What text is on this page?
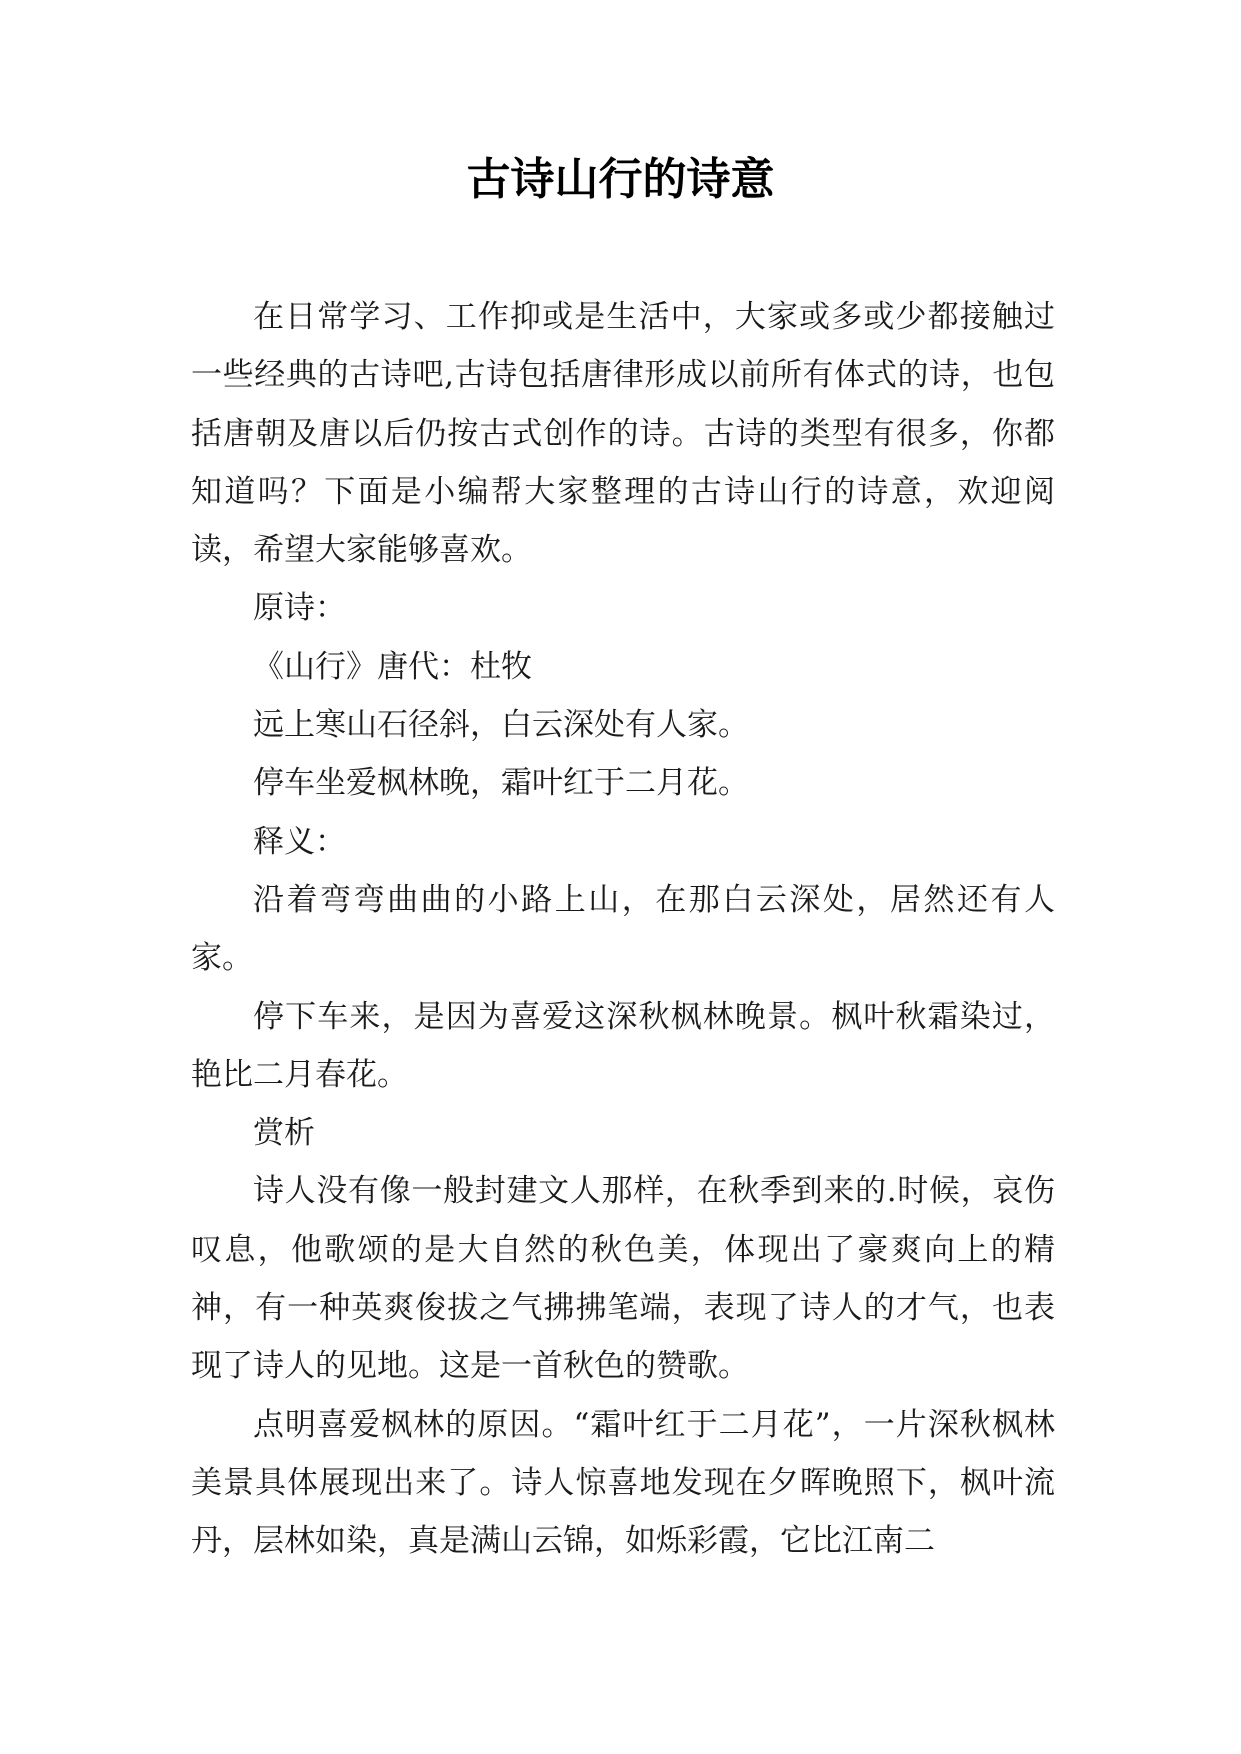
古诗山行的诗意

在日常学习、工作抑或是生活中，大家或多或少都接触过一些经典的古诗吧,古诗包括唐律形成以前所有体式的诗，也包括唐朝及唐以后仍按古式创作的诗。古诗的类型有很多，你都知道吗？下面是小编帮大家整理的古诗山行的诗意，欢迎阅读，希望大家能够喜欢。

原诗：

《山行》唐代：杜牧

远上寒山石径斜，白云深处有人家。

停车坐爱枫林晚，霜叶红于二月花。

释义：

沿着弯弯曲曲的小路上山，在那白云深处，居然还有人家。

停下车来，是因为喜爱这深秋枫林晚景。枫叶秋霜染过，艳比二月春花。

赏析

诗人没有像一般封建文人那样，在秋季到来的.时候，哀伤叹息，他歌颂的是大自然的秋色美，体现出了豪爽向上的精神，有一种英爽俊拔之气拂拂笔端，表现了诗人的才气，也表现了诗人的见地。这是一首秋色的赞歌。

点明喜爱枫林的原因。“霜叶红于二月花”，一片深秋枫林美景具体展现出来了。诗人惊喜地发现在夕晖晚照下，枫叶流丹，层林如染，真是满山云锦，如烁彩霞，它比江南二
